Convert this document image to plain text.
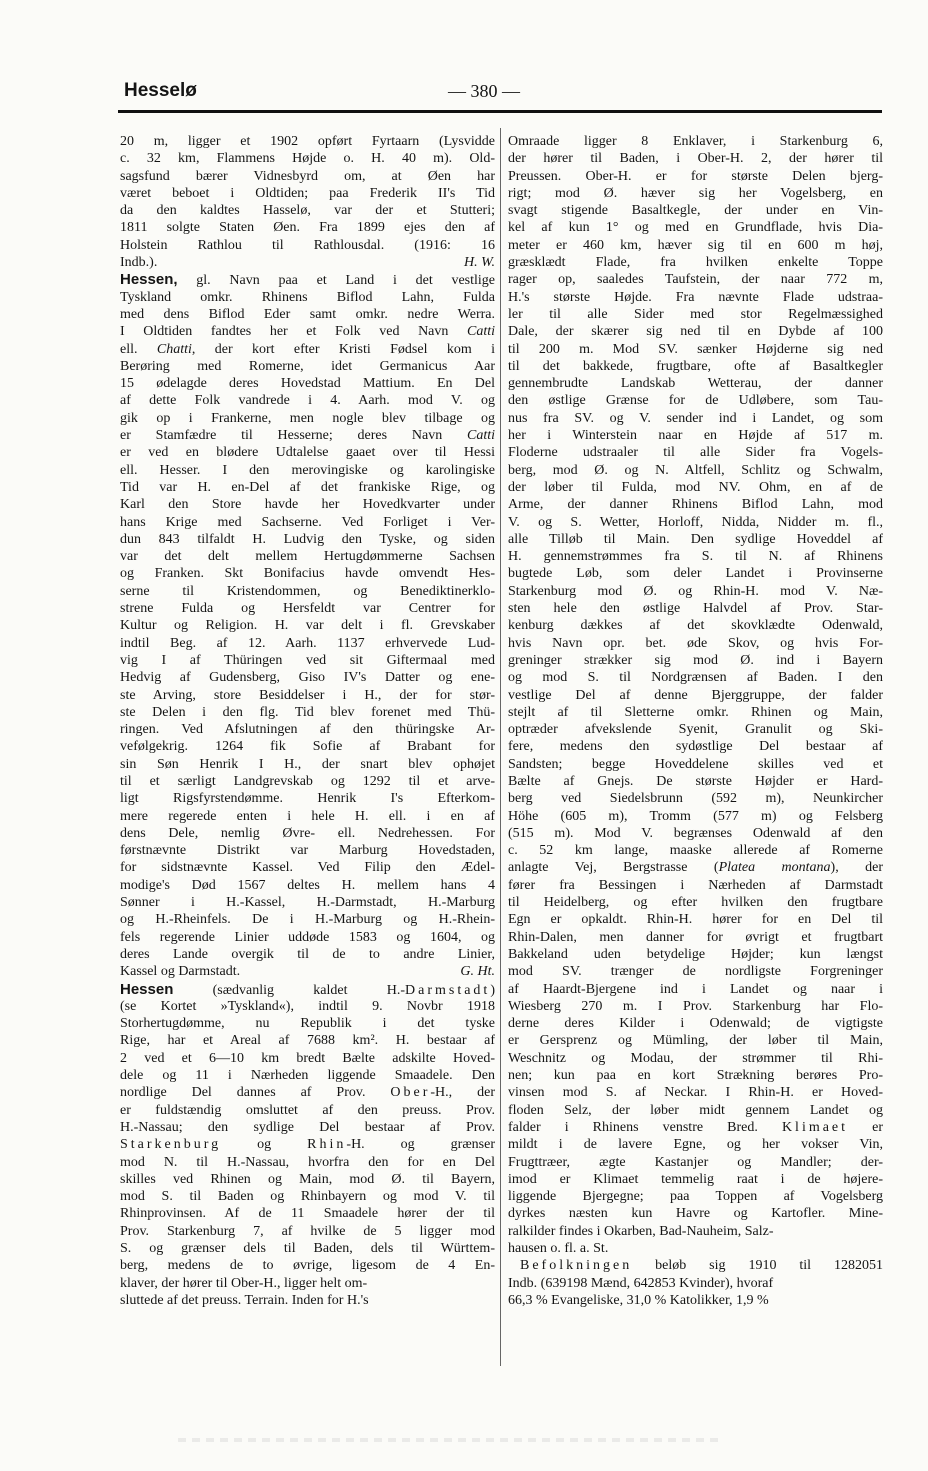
Hesselø	— 380 —
20 m, ligger et 1902 opført Fyrtaarn (Lysvidde
c. 32 km, Flammens Højde o. H. 40 m). Old-
sagsfund bærer Vidnesbyrd om, at Øen har
været beboet i Oldtiden; paa Frederik II's Tid
da den kaldtes Hasselø, var der et Stutteri;
1811 solgte Staten Øen. Fra 1899 ejes den af
Holstein Rathlou til Rathlousdal. (1916: 16
Indb.).	H. W.
Hessen, gl. Navn paa et Land i det vestlige
Tyskland omkr. Rhinens Biflod Lahn, Fulda
med dens Biflod Eder samt omkr. nedre Werra.
I Oldtiden fandtes her et Folk ved Navn Catti
ell. Chatti, der kort efter Kristi Fødsel kom i
Berøring med Romerne, idet Germanicus Aar
15 ødelagde deres Hovedstad Mattium. En Del
af dette Folk vandrede i 4. Aarh. mod V. og
gik op i Frankerne, men nogle blev tilbage og
er Stamfædre til Hesserne; deres Navn Catti
er ved en blødere Udtalelse gaaet over til Hessi
ell. Hesser. I den merovingiske og karolingiske
Tid var H. en-Del af det frankiske Rige, og
Karl den Store havde her Hovedkvarter under
hans Krige med Sachserne. Ved Forliget i Ver-
dun 843 tilfaldt H. Ludvig den Tyske, og siden
var det delt mellem Hertugdømmerne Sachsen
og Franken. Skt Bonifacius havde omvendt Hes-
serne til Kristendommen, og Benediktinerklo-
strene Fulda og Hersfeldt var Centrer for
Kultur og Religion. H. var delt i fl. Grevskaber
indtil Beg. af 12. Aarh. 1137 erhvervede Lud-
vig I af Thüringen ved sit Giftermaal med
Hedvig af Gudensberg, Giso IV's Datter og ene-
ste Arving, store Besiddelser i H., der for stør-
ste Delen i den flg. Tid blev forenet med Thü-
ringen. Ved Afslutningen af den thüringske Ar-
vefølgekrig. 1264 fik Sofie af Brabant for
sin Søn Henrik I H., der snart blev ophøjet
til et særligt Landgrevskab og 1292 til et arve-
ligt Rigsfyrstendømme. Henrik I's Efterkom-
mere regerede enten i hele H. ell. i en af
dens Dele, nemlig Øvre- ell. Nedrehessen. For
førstnævnte Distrikt var Marburg Hovedstaden,
for sidstnævnte Kassel. Ved Filip den Ædel-
modige's Død 1567 deltes H. mellem hans 4
Sønner i H.-Kassel, H.-Darmstadt, H.-Marburg
og H.-Rheinfels. De i H.-Marburg og H.-Rhein-
fels regerende Linier uddøde 1583 og 1604, og
deres Lande overgik til de to andre Linier,
Kassel og Darmstadt.	G. Ht.
Hessen (sædvanlig kaldet H.-Darmstadt)
(se Kortet »Tyskland«), indtil 9. Novbr 1918
Storhertugdømme, nu Republik i det tyske
Rige, har et Areal af 7688 km². H. bestaar af
2 ved et 6—10 km bredt Bælte adskilte Hoved-
dele og 11 i Nærheden liggende Smaadele. Den
nordlige Del dannes af Prov. Ober-H., der
er fuldstændig omsluttet af den preuss. Prov.
H.-Nassau; den sydlige Del bestaar af Prov.
Starkenburg og Rhin-H. og grænser
mod N. til H.-Nassau, hvorfra den for en Del
skilles ved Rhinen og Main, mod Ø. til Bayern,
mod S. til Baden og Rhinbayern og mod V. til
Rhinprovinsen. Af de 11 Smaadele hører der til
Prov. Starkenburg 7, af hvilke de 5 ligger mod
S. og grænser dels til Baden, dels til Württem-
berg, medens de to øvrige, ligesom de 4 En-
klaver, der hører til Ober-H., ligger helt om-
sluttede af det preuss. Terrain. Inden for H.'s
Omraade ligger 8 Enklaver, i Starkenburg 6,
der hører til Baden, i Ober-H. 2, der hører til
Preussen. Ober-H. er for største Delen bjerg-
rigt; mod Ø. hæver sig her Vogelsberg, en
svagt stigende Basaltkegle, der under en Vin-
kel af kun 1° og med en Grundflade, hvis Dia-
meter er 460 km, hæver sig til en 600 m høj,
græsklædt Flade, fra hvilken enkelte Toppe
rager op, saaledes Taufstein, der naar 772 m,
H.'s største Højde. Fra nævnte Flade udstraa-
ler til alle Sider med stor Regelmæssighed
Dale, der skærer sig ned til en Dybde af 100
til 200 m. Mod SV. sænker Højderne sig ned
til det bakkede, frugtbare, ofte af Basaltkegler
gennembrudte Landskab Wetterau, der danner
den østlige Grænse for de Udløbere, som Tau-
nus fra SV. og V. sender ind i Landet, og som
her i Winterstein naar en Højde af 517 m.
Floderne udstraaler til alle Sider fra Vogels-
berg, mod Ø. og N. Altfell, Schlitz og Schwalm,
der løber til Fulda, mod NV. Ohm, en af de
Arme, der danner Rhinens Biflod Lahn, mod
V. og S. Wetter, Horloff, Nidda, Nidder m. fl.,
alle Tilløb til Main. Den sydlige Hoveddel af
H. gennemstrømmes fra S. til N. af Rhinens
bugtede Løb, som deler Landet i Provinserne
Starkenburg mod Ø. og Rhin-H. mod V. Næ-
sten hele den østlige Halvdel af Prov. Star-
kenburg dækkes af det skovklædte Odenwald,
hvis Navn opr. bet. øde Skov, og hvis For-
greninger strækker sig mod Ø. ind i Bayern
og mod S. til Nordgrænsen af Baden. I den
vestlige Del af denne Bjerggruppe, der falder
stejlt af til Sletterne omkr. Rhinen og Main,
optræder afvekslende Syenit, Granulit og Ski-
fere, medens den sydøstlige Del bestaar af
Sandsten; begge Hoveddelene skilles ved et
Bælte af Gnejs. De største Højder er Hard-
berg ved Siedelsbrunn (592 m), Neunkircher
Höhe (605 m), Tromm (577 m) og Felsberg
(515 m). Mod V. begrænses Odenwald af den
c. 52 km lange, maaske allerede af Romerne
anlagte Vej, Bergstrasse (Platea montana), der
fører fra Bessingen i Nærheden af Darmstadt
til Heidelberg, og efter hvilken den frugtbare
Egn er opkaldt. Rhin-H. hører for en Del til
Rhin-Dalen, men danner for øvrigt et frugtbart
Bakkeland uden betydelige Højder; kun længst
mod SV. trænger de nordligste Forgreninger
af Haardt-Bjergene ind i Landet og naar i
Wiesberg 270 m. I Prov. Starkenburg har Flo-
derne deres Kilder i Odenwald; de vigtigste
er Gersprenz og Mümling, der løber til Main,
Weschnitz og Modau, der strømmer til Rhi-
nen; kun paa en kort Strækning berøres Pro-
vinsen mod S. af Neckar. I Rhin-H. er Hoved-
floden Selz, der løber midt gennem Landet og
falder i Rhinens venstre Bred. Klimaet er
mildt i de lavere Egne, og her vokser Vin,
Frugttræer, ægte Kastanjer og Mandler; der-
imod er Klimaet temmelig raat i de højere-
liggende Bjergegne; paa Toppen af Vogelsberg
dyrkes næsten kun Havre og Kartofler. Mine-
ralkilder findes i Okarben, Bad-Nauheim, Salz-
hausen o. fl. a. St.
Befolkningen beløb sig 1910 til 1282051
Indb. (639198 Mænd, 642853 Kvinder), hvoraf
66,3 % Evangeliske, 31,0 % Katolikker, 1,9 %
